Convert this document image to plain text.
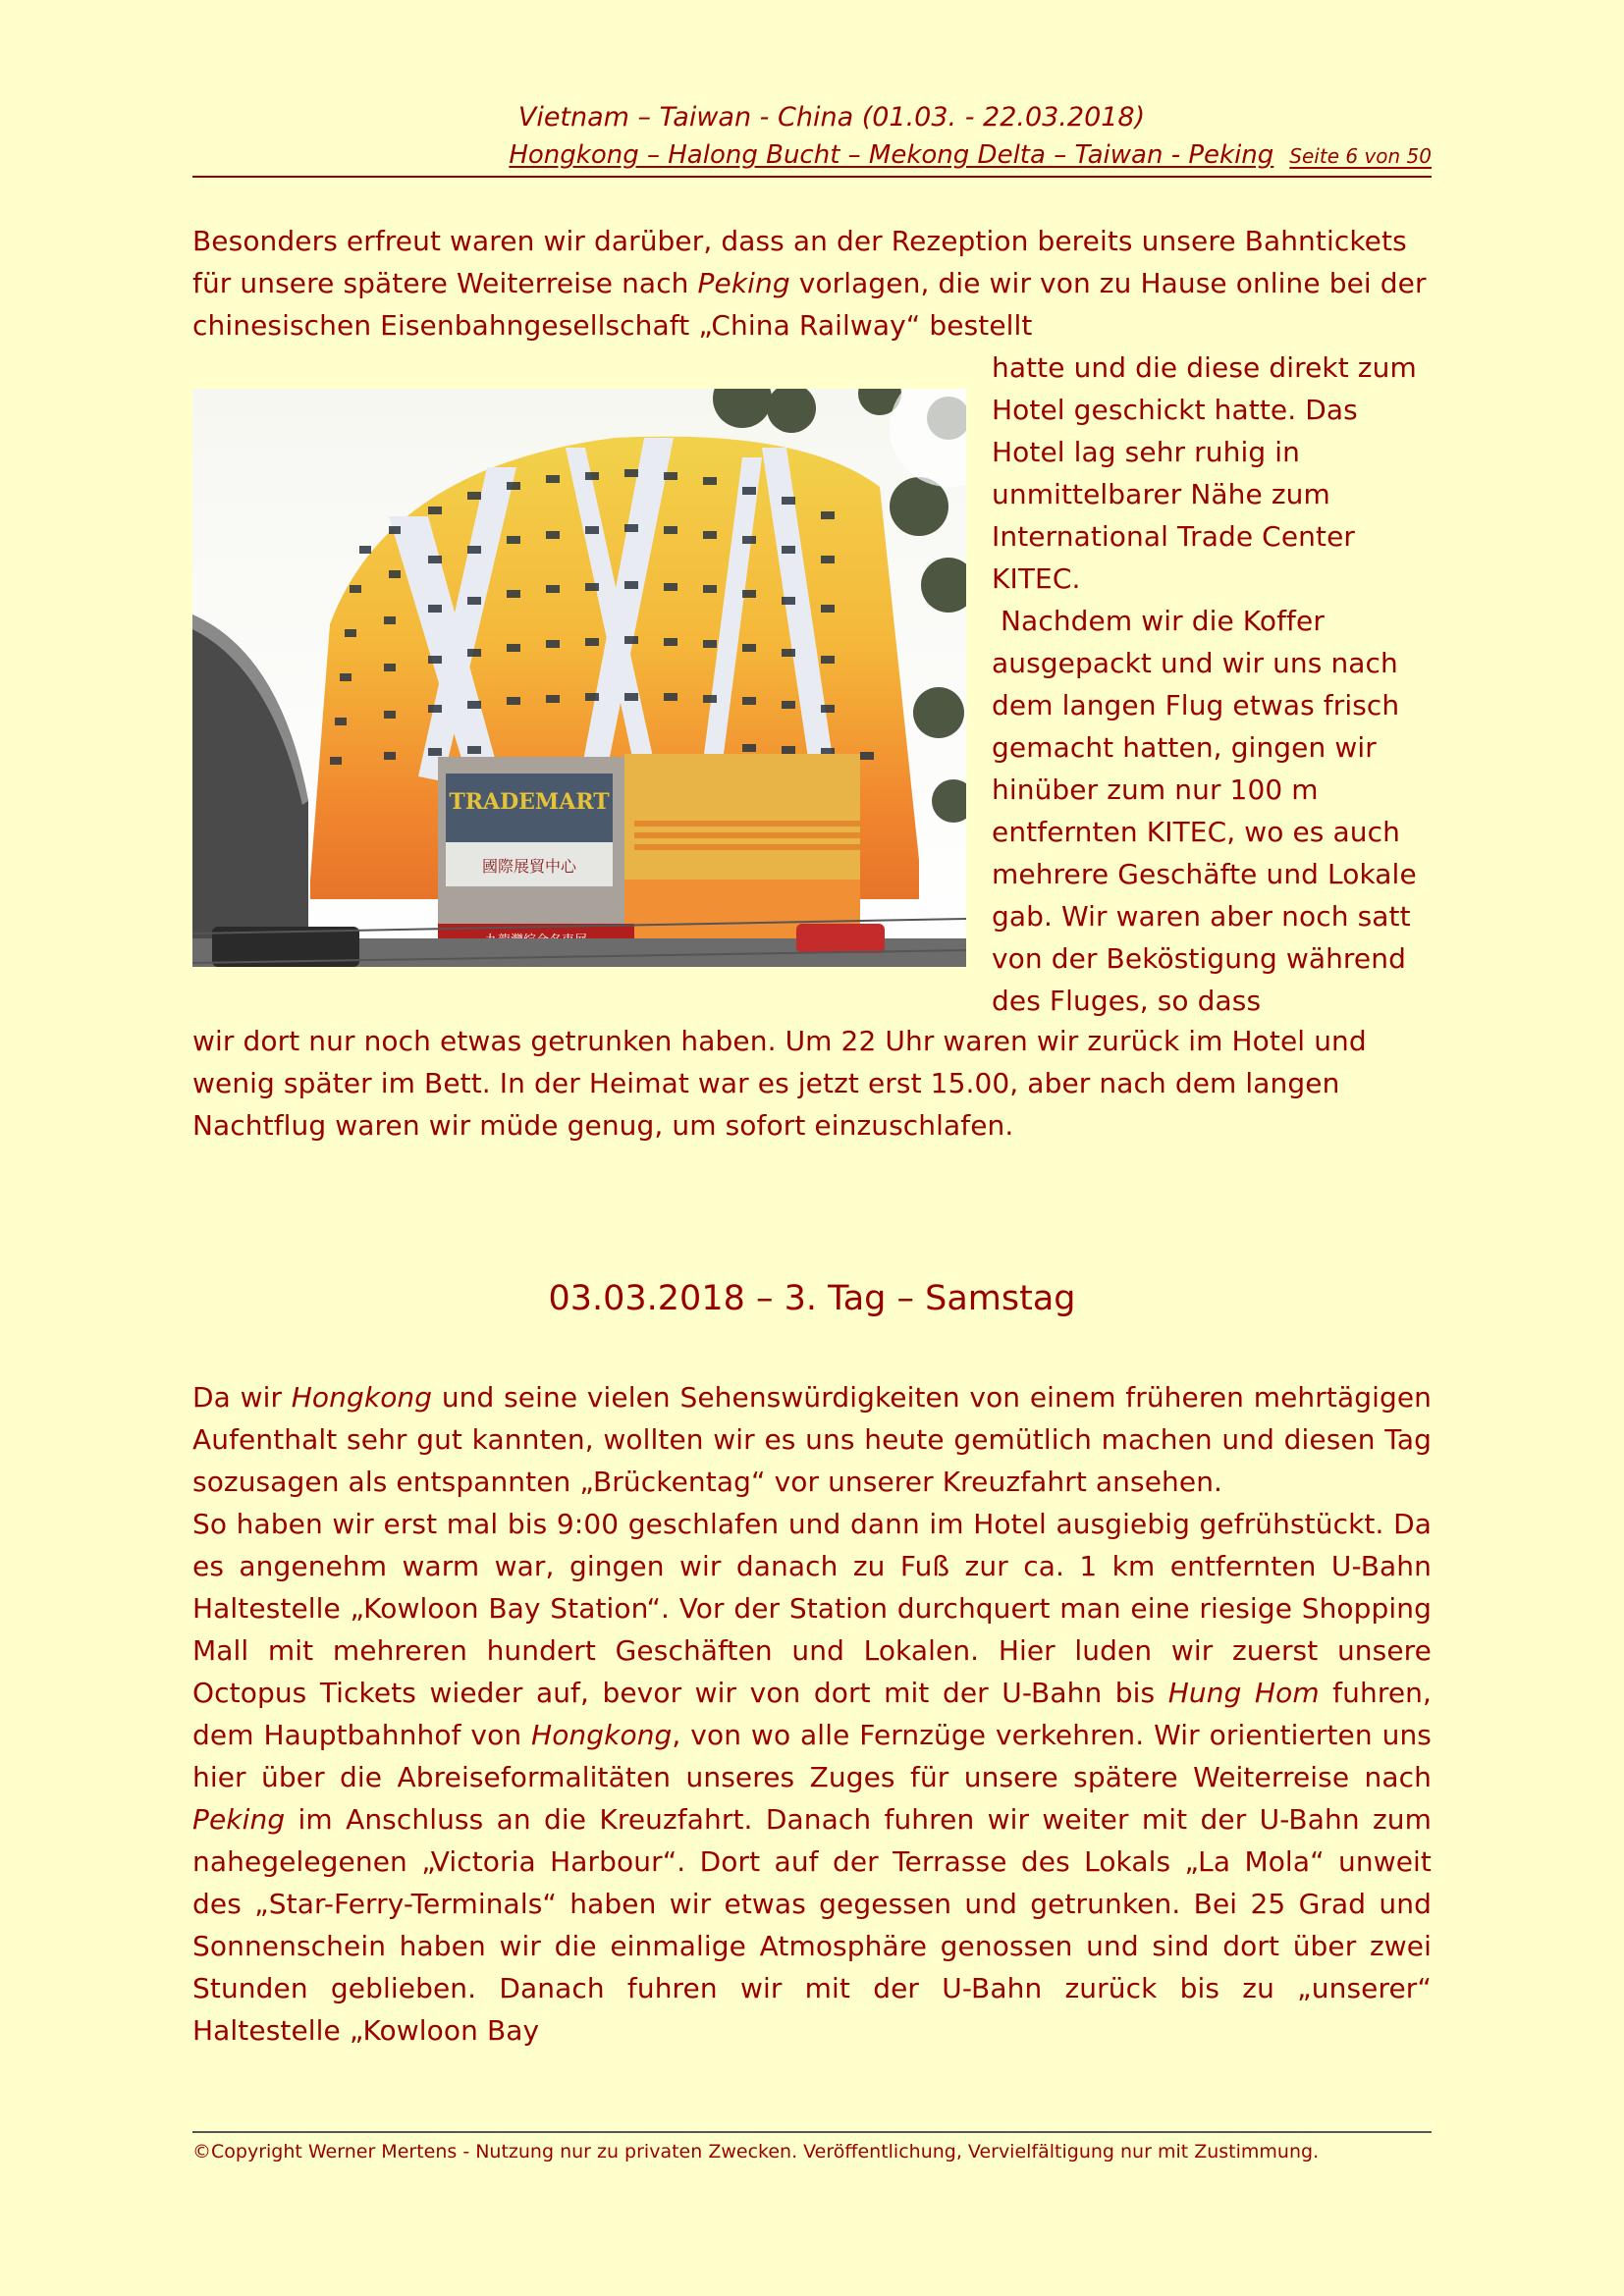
Vietnam – Taiwan - China (01.03. - 22.03.2018)
Hongkong – Halong Bucht – Mekong Delta – Taiwan - Peking Seite 6 von 50
Besonders erfreut waren wir darüber, dass an der Rezeption bereits unsere Bahntickets für unsere spätere Weiterreise nach Peking vorlagen, die wir von zu Hause online bei der chinesischen Eisenbahngesellschaft „China Railway“ bestellt
TRADEMART
國際展貿中心

hatte und die diese direkt zum Hotel geschickt hatte. Das Hotel lag sehr ruhig in unmittelbarer Nähe zum International Trade Center KITEC.

Nachdem wir die Koffer ausgepackt und wir uns nach dem langen Flug etwas frisch gemacht hatten, gingen wir hinüber zum nur 100 m entfernten KITEC, wo es auch mehrere Geschäfte und Lokale gab. Wir waren aber noch satt von der Beköstigung während des Fluges, so dass

wir dort nur noch etwas getrunken haben. Um 22 Uhr waren wir zurück im Hotel und wenig später im Bett. In der Heimat war es jetzt erst 15.00, aber nach dem langen Nachtflug waren wir müde genug, um sofort einzuschlafen.
03.03.2018 – 3. Tag – Samstag

Da wir Hongkong und seine vielen Sehenswürdigkeiten von einem früheren mehrtägigen Aufenthalt sehr gut kannten, wollten wir es uns heute gemütlich machen und diesen Tag sozusagen als entspannten „Brückentag“ vor unserer Kreuzfahrt ansehen.

So haben wir erst mal bis 9:00 geschlafen und dann im Hotel ausgiebig gefrühstückt. Da es angenehm warm war, gingen wir danach zu Fuß zur ca. 1 km entfernten U-Bahn Haltestelle „Kowloon Bay Station“. Vor der Station durchquert man eine riesige Shopping Mall mit mehreren hundert Geschäften und Lokalen. Hier luden wir zuerst unsere Octopus Tickets wieder auf, bevor wir von dort mit der U-Bahn bis Hung Hom fuhren, dem Hauptbahnhof von Hongkong, von wo alle Fernzüge verkehren. Wir orientierten uns hier über die Abreiseformalitäten unseres Zuges für unsere spätere Weiterreise nach Peking im Anschluss an die Kreuzfahrt. Danach fuhren wir weiter mit der U-Bahn zum nahegelegenen „Victoria Harbour“. Dort auf der Terrasse des Lokals „La Mola“ unweit des „Star-Ferry-Terminals“ haben wir etwas gegessen und getrunken. Bei 25 Grad und Sonnenschein haben wir die einmalige Atmosphäre genossen und sind dort über zwei Stunden geblieben. Danach fuhren wir mit der U-Bahn zurück bis zu „unserer“ Haltestelle „Kowloon Bay

©Copyright Werner Mertens - Nutzung nur zu privaten Zwecken. Veröffentlichung, Vervielfältigung nur mit Zustimmung.
